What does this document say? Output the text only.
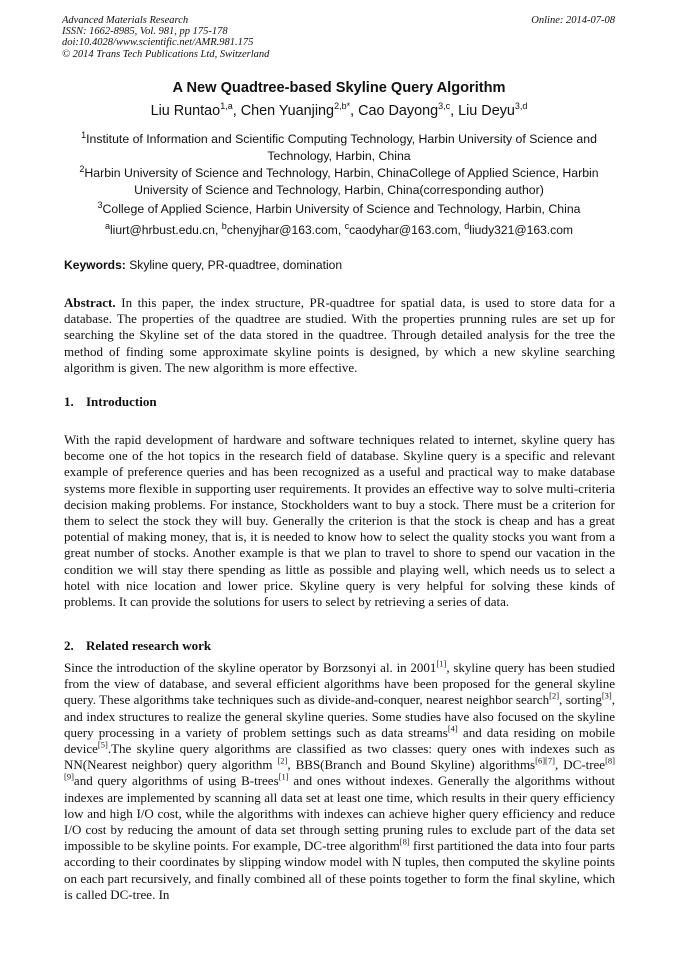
Advanced Materials Research
ISSN: 1662-8985, Vol. 981, pp 175-178
doi:10.4028/www.scientific.net/AMR.981.175
© 2014 Trans Tech Publications Ltd, Switzerland
Online: 2014-07-08
A New Quadtree-based Skyline Query Algorithm
Liu Runtao$^{1,a}$, Chen Yuanjing$^{2,b*}$, Cao Dayong$^{3,c}$, Liu Deyu$^{3,d}$
$^1$Institute of Information and Scientific Computing Technology, Harbin University of Science and Technology, Harbin, China
$^2$Harbin University of Science and Technology, Harbin, ChinaCollege of Applied Science, Harbin University of Science and Technology, Harbin, China(corresponding author)
$^3$College of Applied Science, Harbin University of Science and Technology, Harbin, China
$^a$liurt@hrbust.edu.cn, $^b$chenyjhar@163.com, $^c$caodyhar@163.com, $^d$liudy321@163.com
Keywords: Skyline query, PR-quadtree, domination
Abstract. In this paper, the index structure, PR-quadtree for spatial data, is used to store data for a database. The properties of the quadtree are studied. With the properties prunning rules are set up for searching the Skyline set of the data stored in the quadtree. Through detailed analysis for the tree the method of finding some approximate skyline points is designed, by which a new skyline searching algorithm is given. The new algorithm is more effective.
1. Introduction
With the rapid development of hardware and software techniques related to internet, skyline query has become one of the hot topics in the research field of database. Skyline query is a specific and relevant example of preference queries and has been recognized as a useful and practical way to make database systems more flexible in supporting user requirements. It provides an effective way to solve multi-criteria decision making problems. For instance, Stockholders want to buy a stock. There must be a criterion for them to select the stock they will buy. Generally the criterion is that the stock is cheap and has a great potential of making money, that is, it is needed to know how to select the quality stocks you want from a great number of stocks. Another example is that we plan to travel to shore to spend our vacation in the condition we will stay there spending as little as possible and playing well, which needs us to select a hotel with nice location and lower price. Skyline query is very helpful for solving these kinds of problems. It can provide the solutions for users to select by retrieving a series of data.
2. Related research work
Since the introduction of the skyline operator by Borzsonyi al. in 2001[1], skyline query has been studied from the view of database, and several efficient algorithms have been proposed for the general skyline query. These algorithms take techniques such as divide-and-conquer, nearest neighbor search[2], sorting[3], and index structures to realize the general skyline queries. Some studies have also focused on the skyline query processing in a variety of problem settings such as data streams[4] and data residing on mobile device[5].The skyline query algorithms are classified as two classes: query ones with indexes such as NN(Nearest neighbor) query algorithm [2], BBS(Branch and Bound Skyline) algorithms[6][7], DC-tree[8][9]and query algorithms of using B-trees[1] and ones without indexes. Generally the algorithms without indexes are implemented by scanning all data set at least one time, which results in their query efficiency low and high I/O cost, while the algorithms with indexes can achieve higher query efficiency and reduce I/O cost by reducing the amount of data set through setting pruning rules to exclude part of the data set impossible to be skyline points. For example, DC-tree algorithm[8] first partitioned the data into four parts according to their coordinates by slipping window model with N tuples, then computed the skyline points on each part recursively, and finally combined all of these points together to form the final skyline, which is called DC-tree. In
